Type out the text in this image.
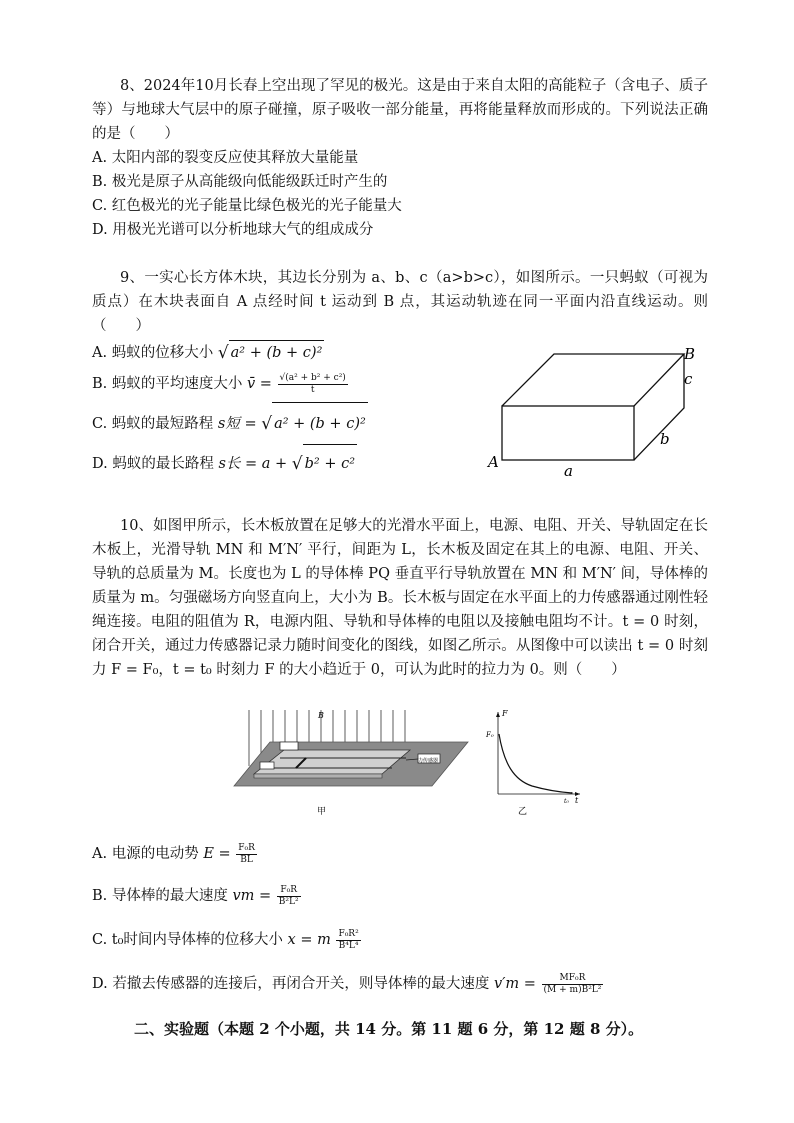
8、2024年10月长春上空出现了罕见的极光。这是由于来自太阳的高能粒子（含电子、质子等）与地球大气层中的原子碰撞，原子吸收一部分能量，再将能量释放而形成的。下列说法正确的是（　　）

A. 太阳内部的裂变反应使其释放大量能量

B. 极光是原子从高能级向低能级跃迁时产生的

C. 红色极光的光子能量比绿色极光的光子能量大

D. 用极光光谱可以分析地球大气的组成成分

9、一实心长方体木块，其边长分别为 a、b、c（a>b>c），如图所示。一只蚂蚁（可视为质点）在木块表面自 A 点经时间 t 运动到 B 点，其运动轨迹在同一平面内沿直线运动。则（　　）

A. 蚂蚁的位移大小 √ a² + (b + c)²

B. 蚂蚁的平均速度大小 v̄ = $\frac{\text{√(a² + b² + c²)}}{t}$

C. 蚂蚁的最短路程 s短 = √ a² + (b + c)²

D. 蚂蚁的最长路程 s长 = a + √ b² + c²	A
B
a
b
c

10、如图甲所示，长木板放置在足够大的光滑水平面上，电源、电阻、开关、导轨固定在长木板上，光滑导轨 MN 和 M′N′ 平行，间距为 L，长木板及固定在其上的电源、电阻、开关、导轨的总质量为 M。长度也为 L 的导体棒 PQ 垂直平行导轨放置在 MN 和 M′N′ 间，导体棒的质量为 m。匀强磁场方向竖直向上，大小为 B。长木板与固定在水平面上的力传感器通过刚性轻绳连接。电阻的阻值为 R，电源内阻、导轨和导体棒的电阻以及接触电阻均不计。t = 0 时刻，闭合开关，通过力传感器记录力随时间变化的图线，如图乙所示。从图像中可以读出 t = 0 时刻力 F = F₀，t = t₀ 时刻力 F 的大小趋近于 0，可认为此时的拉力为 0。则（　　）

B
力传感器
甲
F
t
F₀
t₀
乙

A. 电源的电动势 $E = \frac{\text{F₀R}}{BL}$

B. 导体棒的最大速度 vm = $\frac{\text{F₀R}}{\text{B²L²}}$

C. t₀时间内导体棒的位移大小 x = m $\frac{\text{F₀R²}}{\text{B⁴L⁴}}$

D. 若撤去传感器的连接后，再闭合开关，则导体棒的最大速度 $v'm = \frac{\text{MF₀R}}{\text{(M + m)B²L²}}$

二、实验题（本题 2 个小题，共 14 分。第 11 题 6 分，第 12 题 8 分）。
